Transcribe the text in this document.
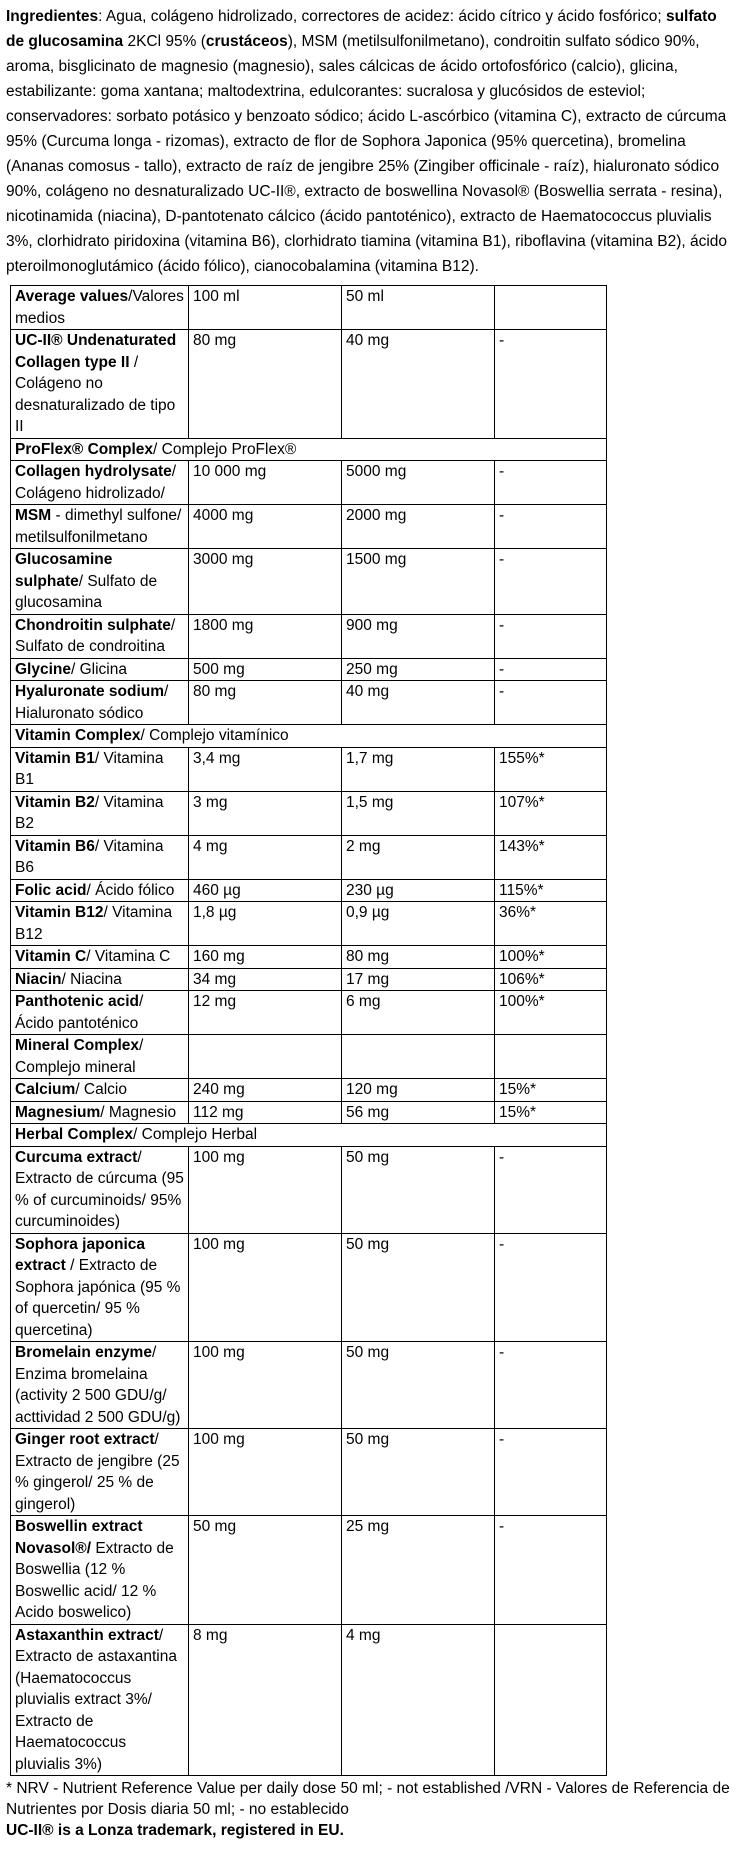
Ingredientes: Agua, colágeno hidrolizado, correctores de acidez: ácido cítrico y ácido fosfórico; sulfato de glucosamina 2KCl 95% (crustáceos), MSM (metilsulfonilmetano), condroitin sulfato sódico 90%, aroma, bisglicinato de magnesio (magnesio), sales cálcicas de ácido ortofosfórico (calcio), glicina, estabilizante: goma xantana; maltodextrina, edulcorantes: sucralosa y glucósidos de esteviol; conservadores: sorbato potásico y benzoato sódico; ácido L-ascórbico (vitamina C), extracto de cúrcuma 95% (Curcuma longa - rizomas), extracto de flor de Sophora Japonica (95% quercetina), bromelina (Ananas comosus - tallo), extracto de raíz de jengibre 25% (Zingiber officinale - raíz), hialuronato sódico 90%, colágeno no desnaturalizado UC-II®, extracto de boswellina Novasol® (Boswellia serrata - resina), nicotinamida (niacina), D-pantotenato cálcico (ácido pantoténico), extracto de Haematococcus pluvialis 3%, clorhidrato piridoxina (vitamina B6), clorhidrato tiamina (vitamina B1), riboflavina (vitamina B2), ácido pteroilmonoglutámico (ácido fólico), cianocobalamina (vitamina B12).

Average values/Valores medios	100 ml	50 ml	
UC-II® Undenaturated Collagen type II / Colágeno no desnaturalizado de tipo II	80 mg	40 mg	-
ProFlex® Complex/ Complejo ProFlex®			
Collagen hydrolysate/ Colágeno hidrolizado/	10 000 mg	5000 mg	-
MSM - dimethyl sulfone/ metilsulfonilmetano	4000 mg	2000 mg	-
Glucosamine sulphate/ Sulfato de glucosamina	3000 mg	1500 mg	-
Chondroitin sulphate/ Sulfato de condroitina	1800 mg	900 mg	-
Glycine/ Glicina	500 mg	250 mg	-
Hyaluronate sodium/ Hialuronato sódico	80 mg	40 mg	-
Vitamin Complex/ Complejo vitamínico			
Vitamin B1/ Vitamina B1	3,4 mg	1,7 mg	155%*
Vitamin B2/ Vitamina B2	3 mg	1,5 mg	107%*
Vitamin B6/ Vitamina B6	4 mg	2 mg	143%*
Folic acid/ Ácido fólico	460 µg	230 µg	115%*
Vitamin B12/ Vitamina B12	1,8 µg	0,9 µg	36%*
Vitamin C/ Vitamina C	160 mg	80 mg	100%*
Niacin/ Niacina	34 mg	17 mg	106%*
Panthotenic acid/ Ácido pantoténico	12 mg	6 mg	100%*
Mineral Complex/ Complejo mineral			
Calcium/ Calcio	240 mg	120 mg	15%*
Magnesium/ Magnesio	112 mg	56 mg	15%*
Herbal Complex/ Complejo Herbal			
Curcuma extract/ Extracto de cúrcuma (95 % of curcuminoids/ 95% curcuminoides)	100 mg	50 mg	-
Sophora japonica extract / Extracto de Sophora japónica (95 % of quercetin/ 95 % quercetina)	100 mg	50 mg	-
Bromelain enzyme/ Enzima bromelaina (activity 2 500 GDU/g/ acttividad 2 500 GDU/g)	100 mg	50 mg	-
Ginger root extract/ Extracto de jengibre (25 % gingerol/ 25 % de gingerol)	100 mg	50 mg	-
Boswellin extract Novasol®/ Extracto de Boswellia (12 % Boswellic acid/ 12 % Acido boswelico)	50 mg	25 mg	-
Astaxanthin extract/ Extracto de astaxantina (Haematococcus pluvialis extract 3%/ Extracto de Haematococcus pluvialis 3%)	8 mg	4 mg	
* NRV - Nutrient Reference Value per daily dose 50 ml; - not established /VRN - Valores de Referencia de Nutrientes por Dosis diaria 50 ml; - no establecido
UC-II® is a Lonza trademark, registered in EU.
